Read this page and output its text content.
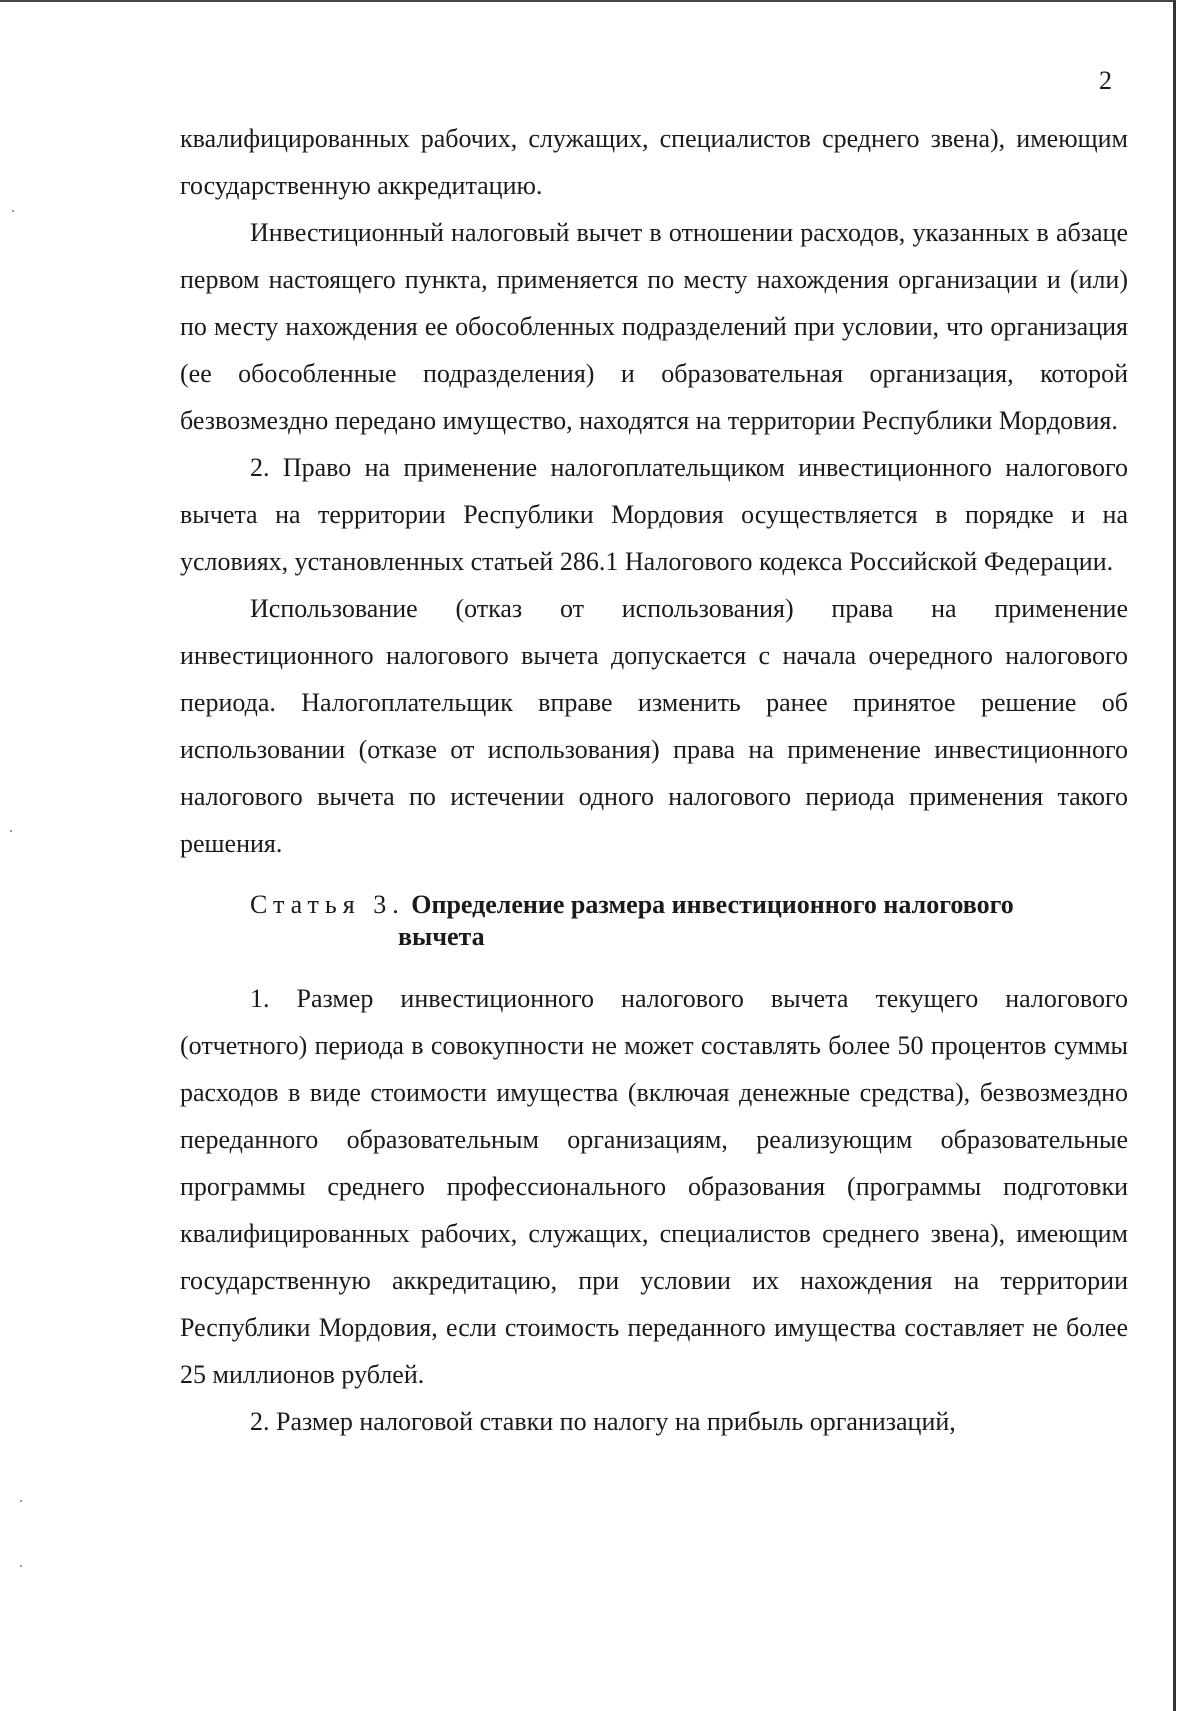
2

квалифицированных рабочих, служащих, специалистов среднего звена), имеющим государственную аккредитацию.

Инвестиционный налоговый вычет в отношении расходов, указанных в абзаце первом настоящего пункта, применяется по месту нахождения организации и (или) по месту нахождения ее обособленных подразделений при условии, что организация (ее обособленные подразделения) и образовательная организация, которой безвозмездно передано имущество, находятся на территории Республики Мордовия.

2. Право на применение налогоплательщиком инвестиционного налогового вычета на территории Республики Мордовия осуществляется в порядке и на условиях, установленных статьей 286.1 Налогового кодекса Российской Федерации.

Использование (отказ от использования) права на применение инвестиционного налогового вычета допускается с начала очередного налогового периода. Налогоплательщик вправе изменить ранее принятое решение об использовании (отказе от использования) права на применение инвестиционного налогового вычета по истечении одного налогового периода применения такого решения.

Статья 3. Определение размера инвестиционного налогового
вычета

1. Размер инвестиционного налогового вычета текущего налогового (отчетного) периода в совокупности не может составлять более 50 процентов суммы расходов в виде стоимости имущества (включая денежные средства), безвозмездно переданного образовательным организациям, реализующим образовательные программы среднего профессионального образования (программы подготовки квалифицированных рабочих, служащих, специалистов среднего звена), имеющим государственную аккредитацию, при условии их нахождения на территории Республики Мордовия, если стоимость переданного имущества составляет не более 25 миллионов рублей.

2. Размер налоговой ставки по налогу на прибыль организаций,
